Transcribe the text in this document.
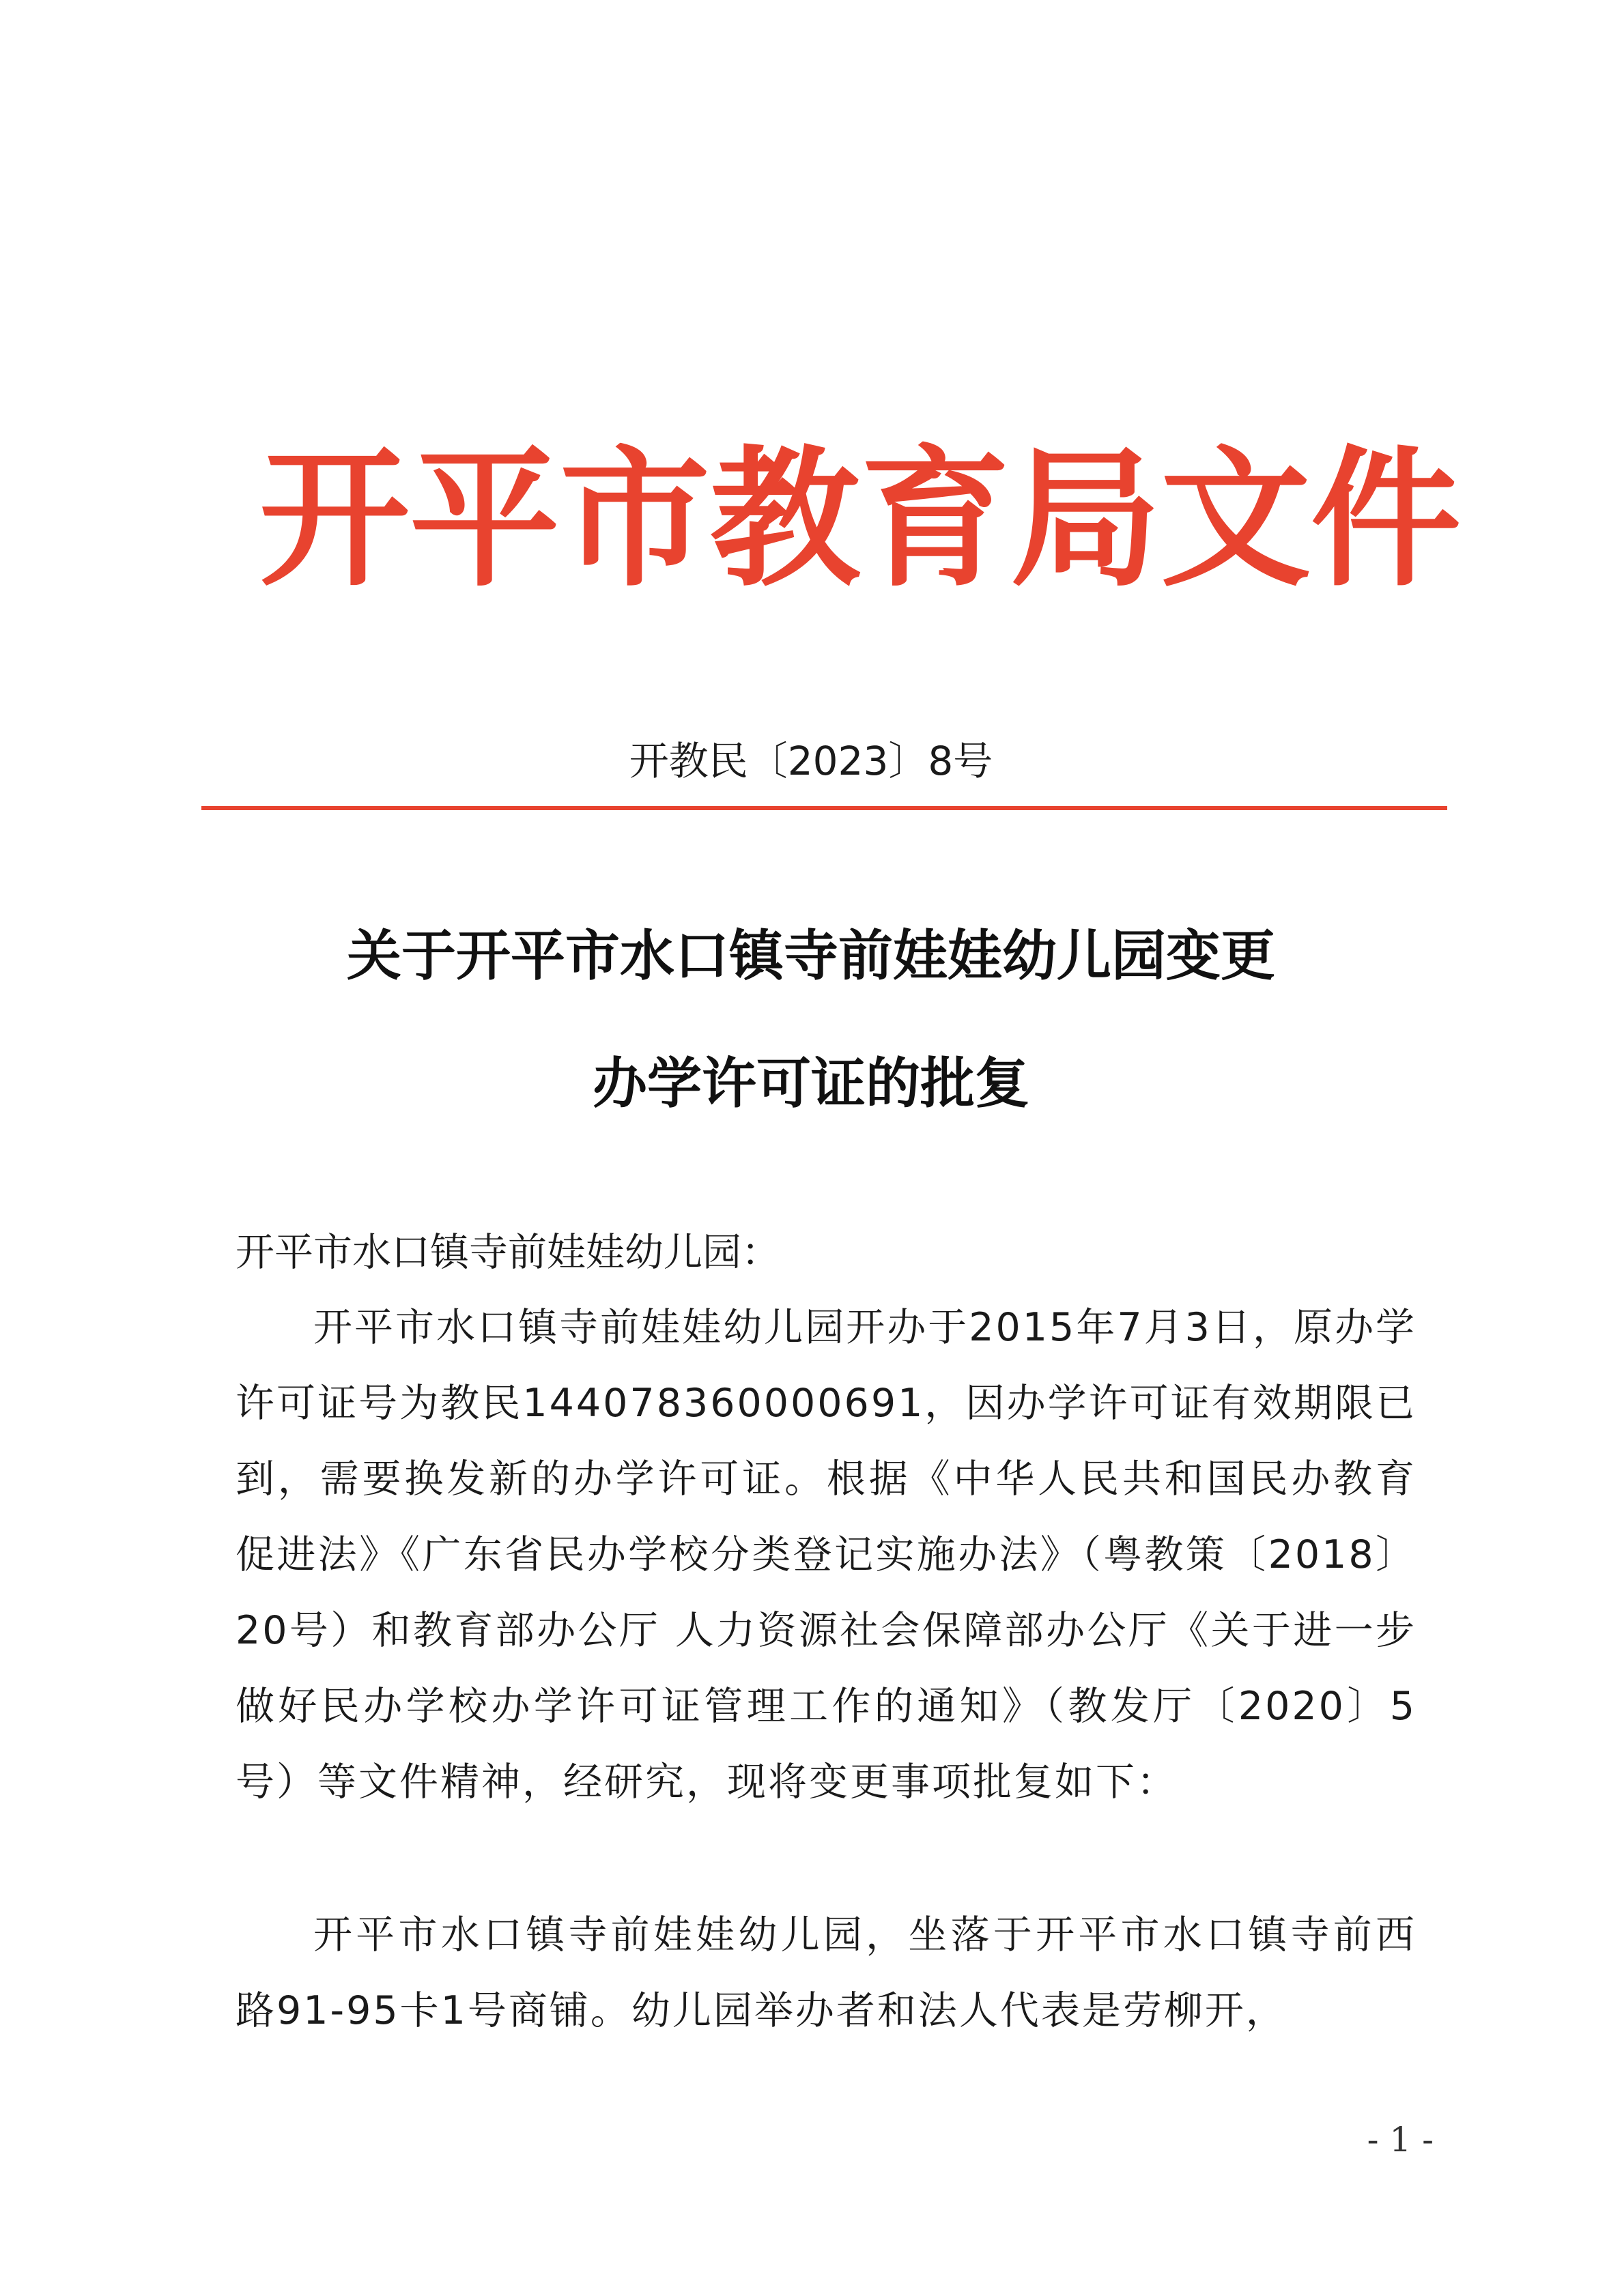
开平市教育局文件
开教民〔2023〕8号
关于开平市水口镇寺前娃娃幼儿园变更
办学许可证的批复

开平市水口镇寺前娃娃幼儿园：

开平市水口镇寺前娃娃幼儿园开办于2015年7月3日，原办学许可证号为教民144078360000691，因办学许可证有效期限已到，需要换发新的办学许可证。根据《中华人民共和国民办教育促进法》《广东省民办学校分类登记实施办法》（粤教策〔2018〕20号）和教育部办公厅 人力资源社会保障部办公厅《关于进一步做好民办学校办学许可证管理工作的通知》（教发厅〔2020〕5号）等文件精神，经研究，现将变更事项批复如下：

开平市水口镇寺前娃娃幼儿园，坐落于开平市水口镇寺前西路91-95卡1号商铺。幼儿园举办者和法人代表是劳柳开，

- 1 -
